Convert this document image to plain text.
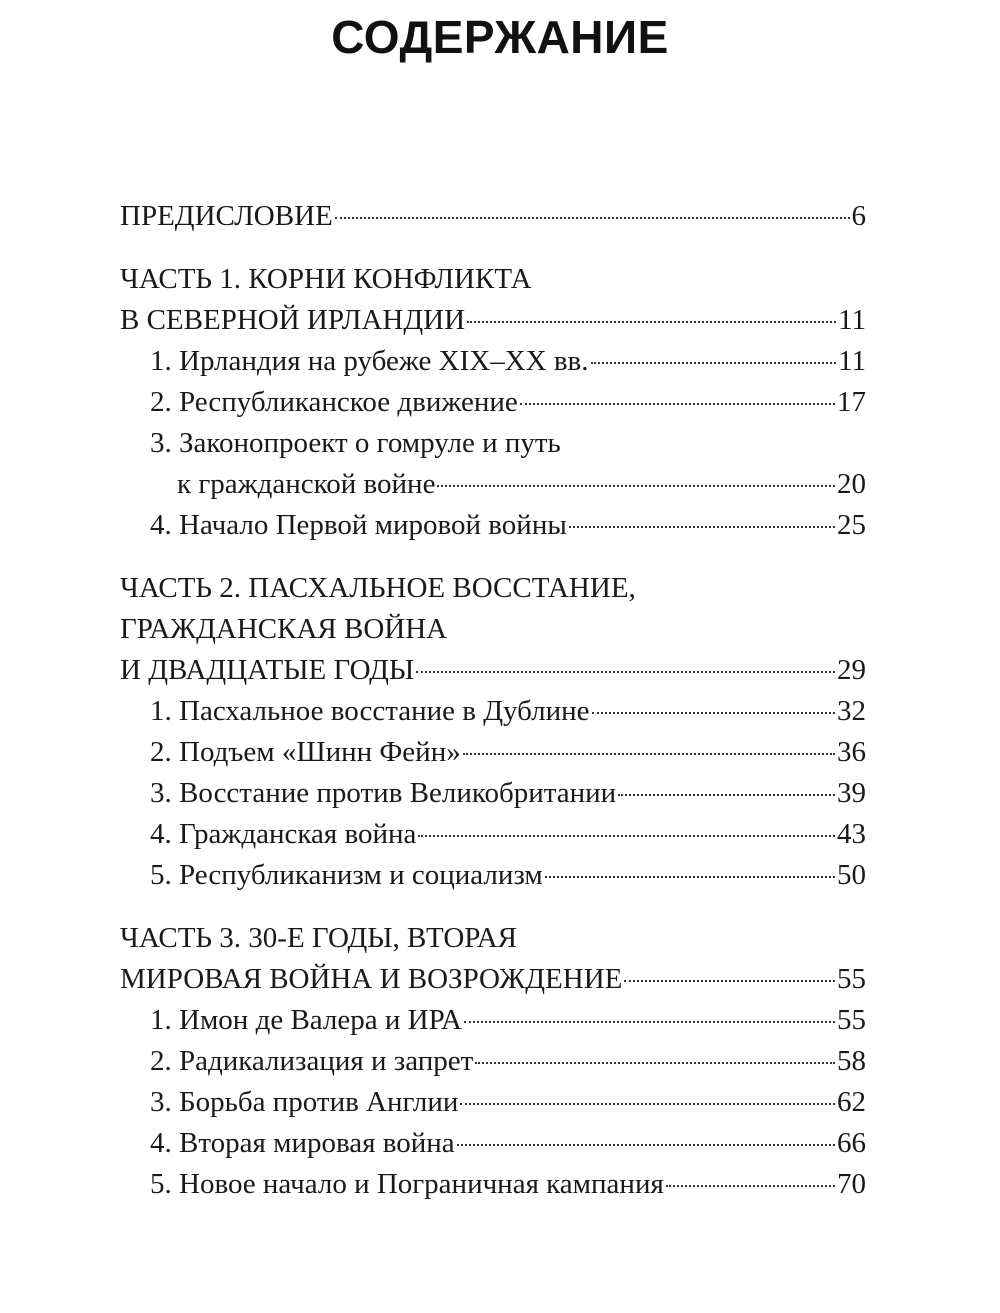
СОДЕРЖАНИЕ
ПРЕДИСЛОВИЕ	6
ЧАСТЬ 1. КОРНИ КОНФЛИКТА
В СЕВЕРНОЙ ИРЛАНДИИ	11
1. Ирландия на рубеже XIX–XX вв.	11
2. Республиканское движение	17
3. Законопроект о гомруле и путь
к гражданской войне	20
4. Начало Первой мировой войны	25
ЧАСТЬ 2. ПАСХАЛЬНОЕ ВОССТАНИЕ,
ГРАЖДАНСКАЯ ВОЙНА
И ДВАДЦАТЫЕ ГОДЫ	29
1. Пасхальное восстание в Дублине	32
2. Подъем «Шинн Фейн»	36
3. Восстание против Великобритании	39
4. Гражданская война	43
5. Республиканизм и социализм	50
ЧАСТЬ 3. 30-Е ГОДЫ, ВТОРАЯ
МИРОВАЯ ВОЙНА И ВОЗРОЖДЕНИЕ	55
1. Имон де Валера и ИРА	55
2. Радикализация и запрет	58
3. Борьба против Англии	62
4. Вторая мировая война	66
5. Новое начало и Пограничная кампания	70
